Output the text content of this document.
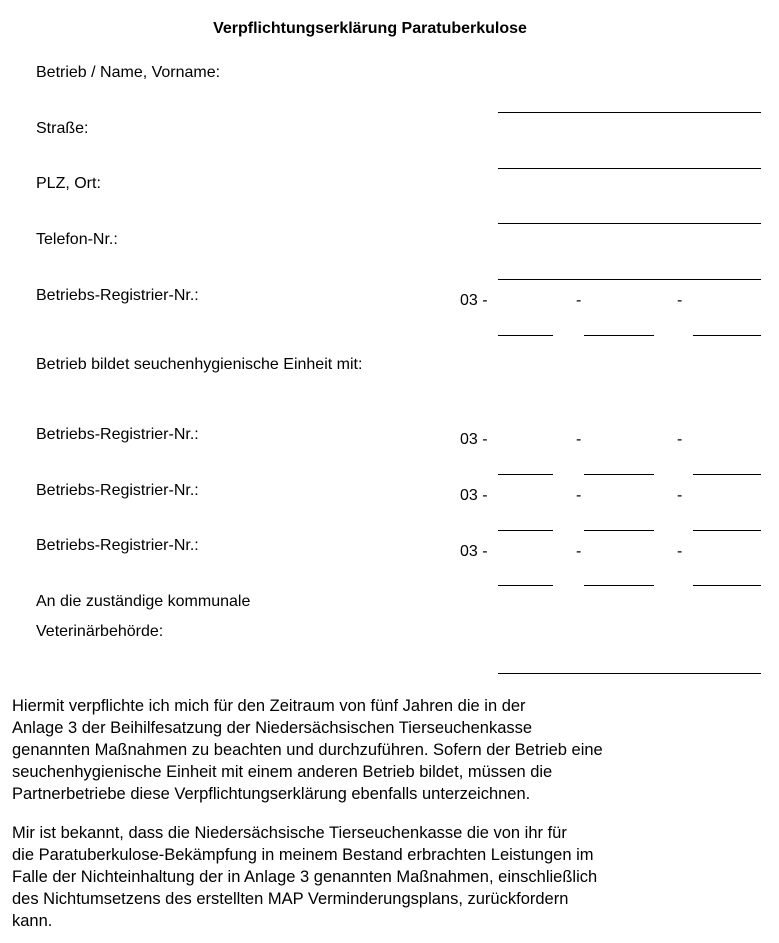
Verpflichtungserklärung Paratuberkulose
Betrieb / Name, Vorname:
Straße:
PLZ, Ort:
Telefon-Nr.:
Betriebs-Registrier-Nr.:	03 -	-	-
Betrieb bildet seuchenhygienische Einheit mit:
Betriebs-Registrier-Nr.:	03 -	-	-
Betriebs-Registrier-Nr.:	03 -	-	-
Betriebs-Registrier-Nr.:	03 -	-	-
An die zuständige kommunale
Veterinärbehörde:
Hiermit verpflichte ich mich für den Zeitraum von fünf Jahren die in der
Anlage 3 der Beihilfesatzung der Niedersächsischen Tierseuchenkasse
genannten Maßnahmen zu beachten und durchzuführen. Sofern der Betrieb eine
seuchenhygienische Einheit mit einem anderen Betrieb bildet, müssen die
Partnerbetriebe diese Verpflichtungserklärung ebenfalls unterzeichnen.
Mir ist bekannt, dass die Niedersächsische Tierseuchenkasse die von ihr für
die Paratuberkulose-Bekämpfung in meinem Bestand erbrachten Leistungen im
Falle der Nichteinhaltung der in Anlage 3 genannten Maßnahmen, einschließlich
des Nichtumsetzens des erstellten MAP Verminderungsplans, zurückfordern
kann.
